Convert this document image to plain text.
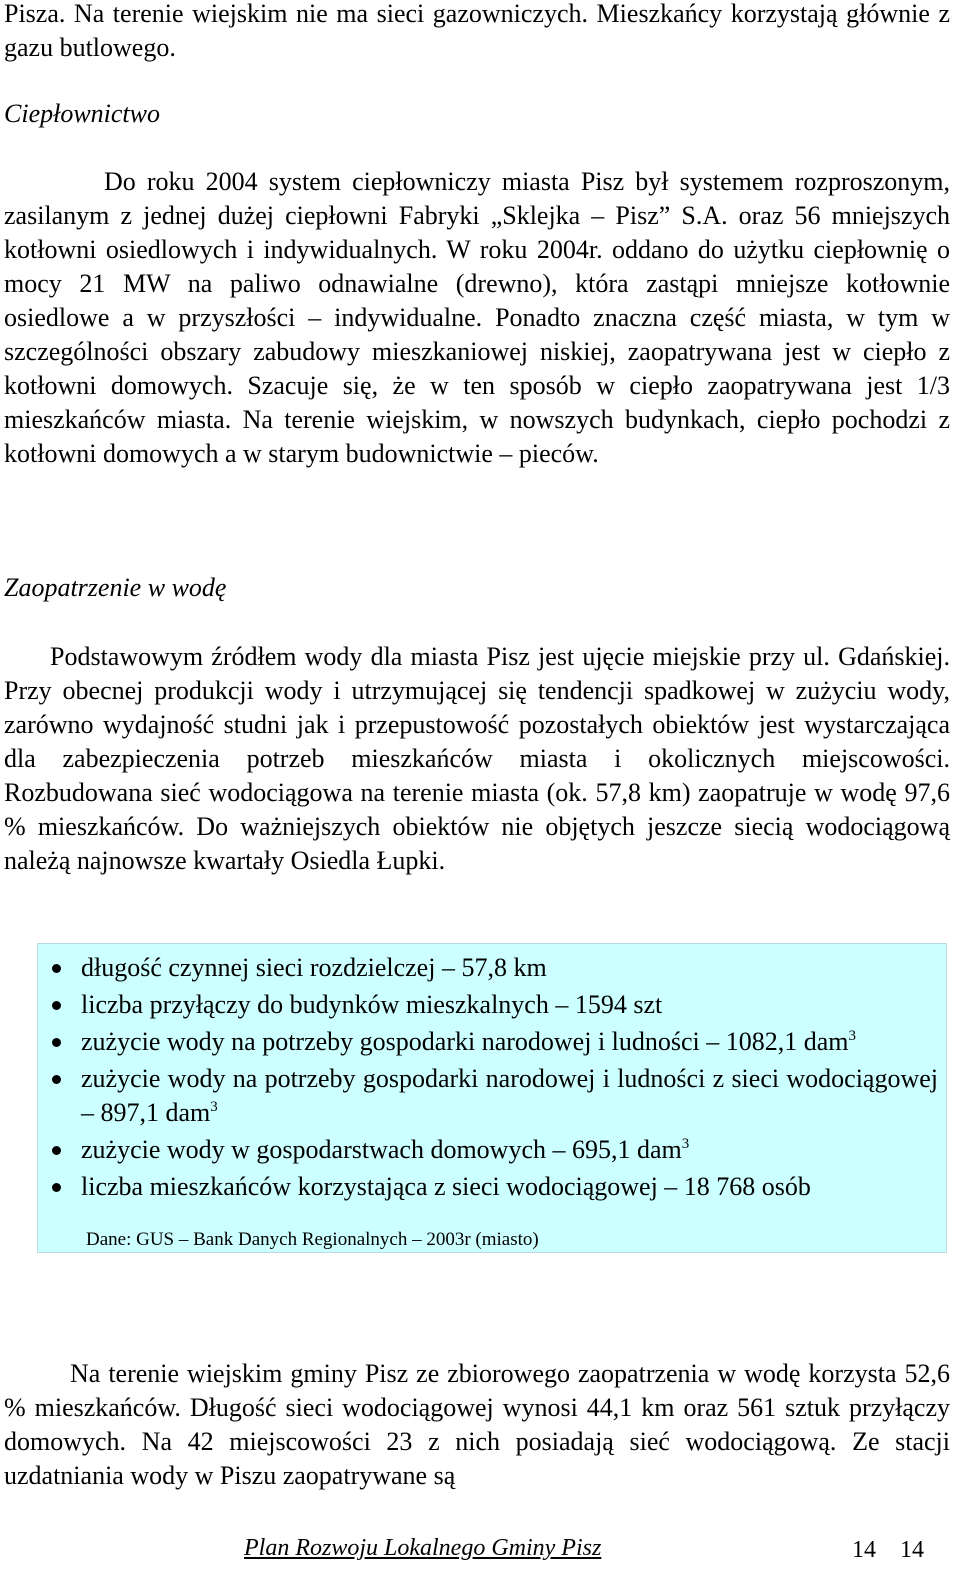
Pisza. Na terenie wiejskim nie ma sieci gazowniczych. Mieszkańcy korzystają głównie z gazu butlowego.

Ciepłownictwo

Do roku 2004 system ciepłowniczy miasta Pisz był systemem rozproszonym, zasilanym z jednej dużej ciepłowni Fabryki „Sklejka – Pisz” S.A. oraz 56 mniejszych kotłowni osiedlowych i indywidualnych. W roku 2004r. oddano do użytku ciepłownię o mocy 21 MW na paliwo odnawialne (drewno), która zastąpi mniejsze kotłownie osiedlowe a w przyszłości – indywidualne. Ponadto znaczna część miasta, w tym w szczególności obszary zabudowy mieszkaniowej niskiej, zaopatrywana jest w ciepło z kotłowni domowych. Szacuje się, że w ten sposób w ciepło zaopatrywana jest 1/3 mieszkańców miasta. Na terenie wiejskim, w nowszych budynkach, ciepło pochodzi z kotłowni domowych a w starym budownictwie – pieców.

Zaopatrzenie w wodę

Podstawowym źródłem wody dla miasta Pisz jest ujęcie miejskie przy ul. Gdańskiej. Przy obecnej produkcji wody i utrzymującej się tendencji spadkowej w zużyciu wody, zarówno wydajność studni jak i przepustowość pozostałych obiektów jest wystarczająca dla zabezpieczenia potrzeb mieszkańców miasta i okolicznych miejscowości. Rozbudowana sieć wodociągowa na terenie miasta (ok. 57,8 km) zaopatruje w wodę 97,6 % mieszkańców. Do ważniejszych obiektów nie objętych jeszcze siecią wodociągową należą najnowsze kwartały Osiedla Łupki.

długość czynnej sieci rozdzielczej – 57,8 km
liczba przyłączy do budynków mieszkalnych – 1594 szt
zużycie wody na potrzeby gospodarki narodowej i ludności – 1082,1 dam$^3$
zużycie wody na potrzeby gospodarki narodowej i ludności z sieci wodociągowej – 897,1 dam$^3$
zużycie wody w gospodarstwach domowych – 695,1 dam$^3$
liczba mieszkańców korzystająca z sieci wodociągowej – 18 768 osób
Dane: GUS – Bank Danych Regionalnych – 2003r (miasto)

Na terenie wiejskim gminy Pisz ze zbiorowego zaopatrzenia w wodę korzysta 52,6 % mieszkańców. Długość sieci wodociągowej wynosi 44,1 km oraz 561 sztuk przyłączy domowych. Na 42 miejscowości 23 z nich posiadają sieć wodociągową. Ze stacji uzdatniania wody w Piszu zaopatrywane są

Plan Rozwoju Lokalnego Gminy Pisz	14 14
